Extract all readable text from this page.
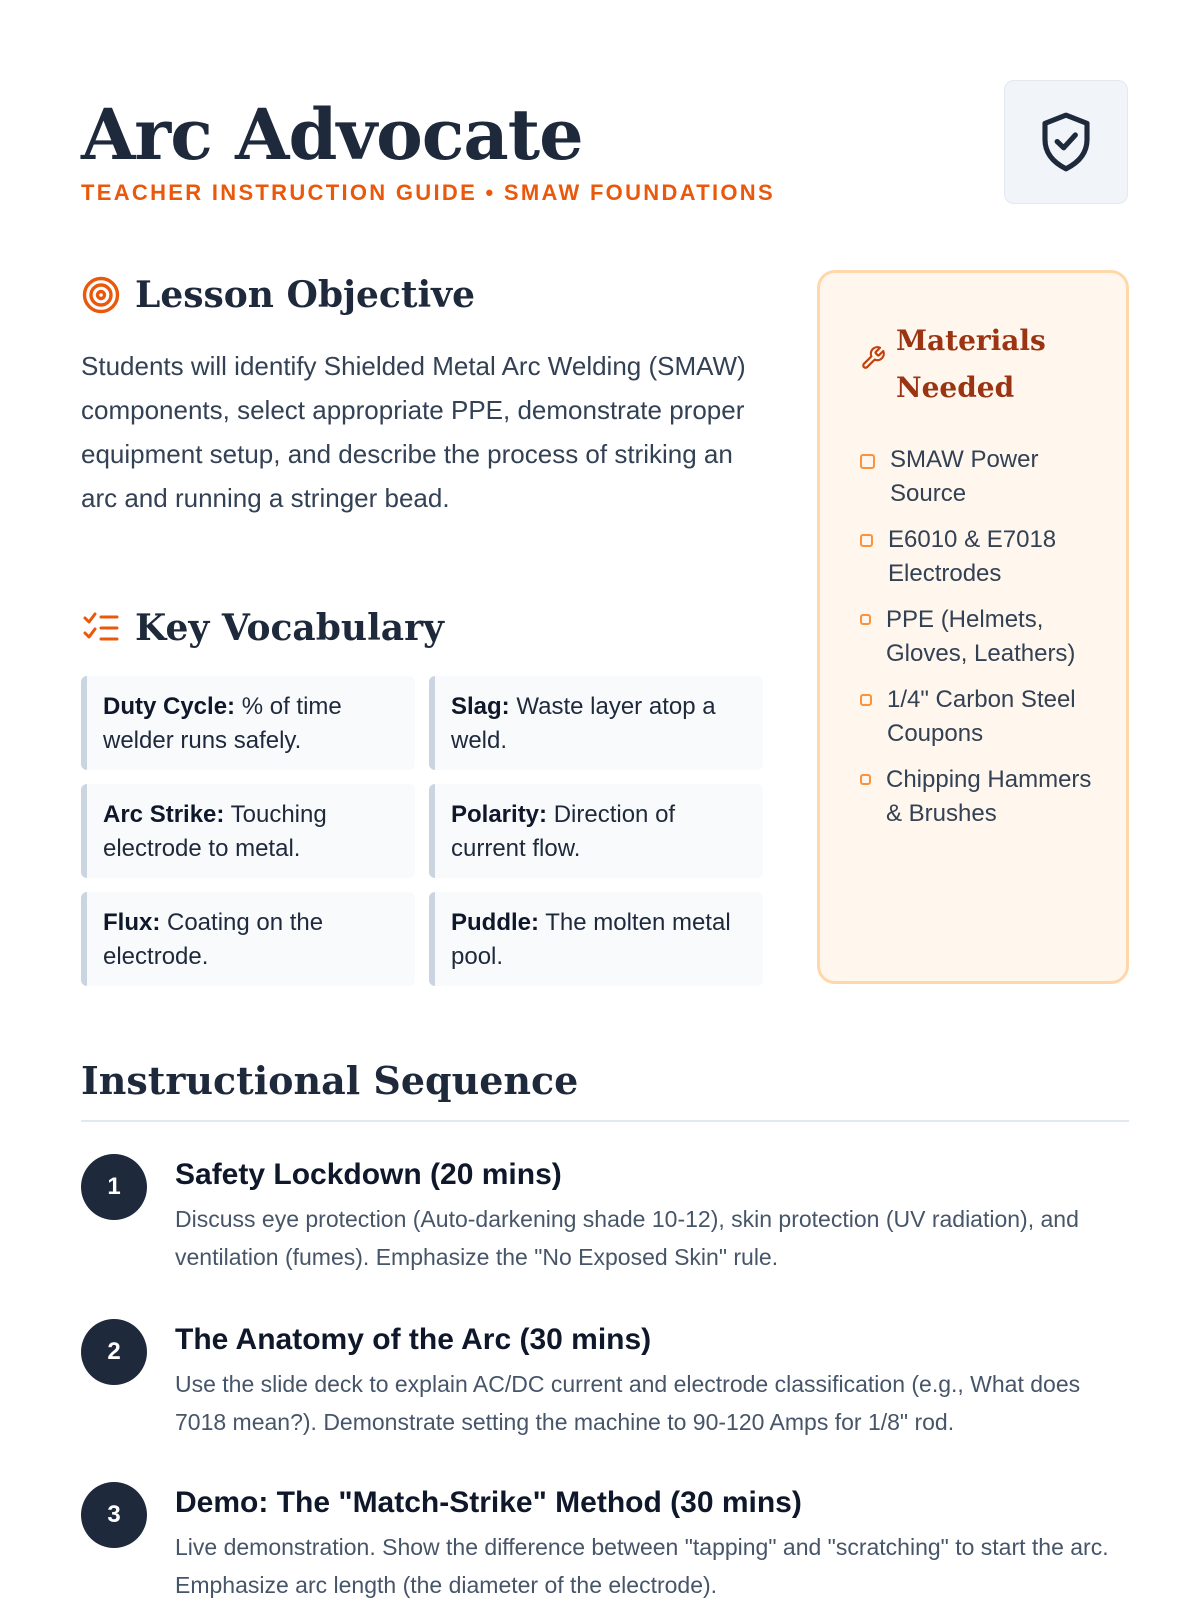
Arc Advocate
TEACHER INSTRUCTION GUIDE • SMAW FOUNDATIONS
Lesson Objective

Students will identify Shielded Metal Arc Welding (SMAW) components, select appropriate PPE, demonstrate proper equipment setup, and describe the process of striking an arc and running a stringer bead.

Key Vocabulary
Duty Cycle: % of time welder runs safely.
Slag: Waste layer atop a weld.
Arc Strike: Touching electrode to metal.
Polarity: Direction of current flow.
Flux: Coating on the electrode.
Puddle: The molten metal pool.
Materials Needed
SMAW Power Source
E6010 & E7018 Electrodes
PPE (Helmets, Gloves, Leathers)
1/4" Carbon Steel Coupons
Chipping Hammers & Brushes
Instructional Sequence
1	Safety Lockdown (20 mins)
Discuss eye protection (Auto-darkening shade 10-12), skin protection (UV radiation), and ventilation (fumes). Emphasize the "No Exposed Skin" rule.
2	The Anatomy of the Arc (30 mins)
Use the slide deck to explain AC/DC current and electrode classification (e.g., What does 7018 mean?). Demonstrate setting the machine to 90-120 Amps for 1/8" rod.
3	Demo: The "Match-Strike" Method (30 mins)
Live demonstration. Show the difference between "tapping" and "scratching" to start the arc. Emphasize arc length (the diameter of the electrode).
